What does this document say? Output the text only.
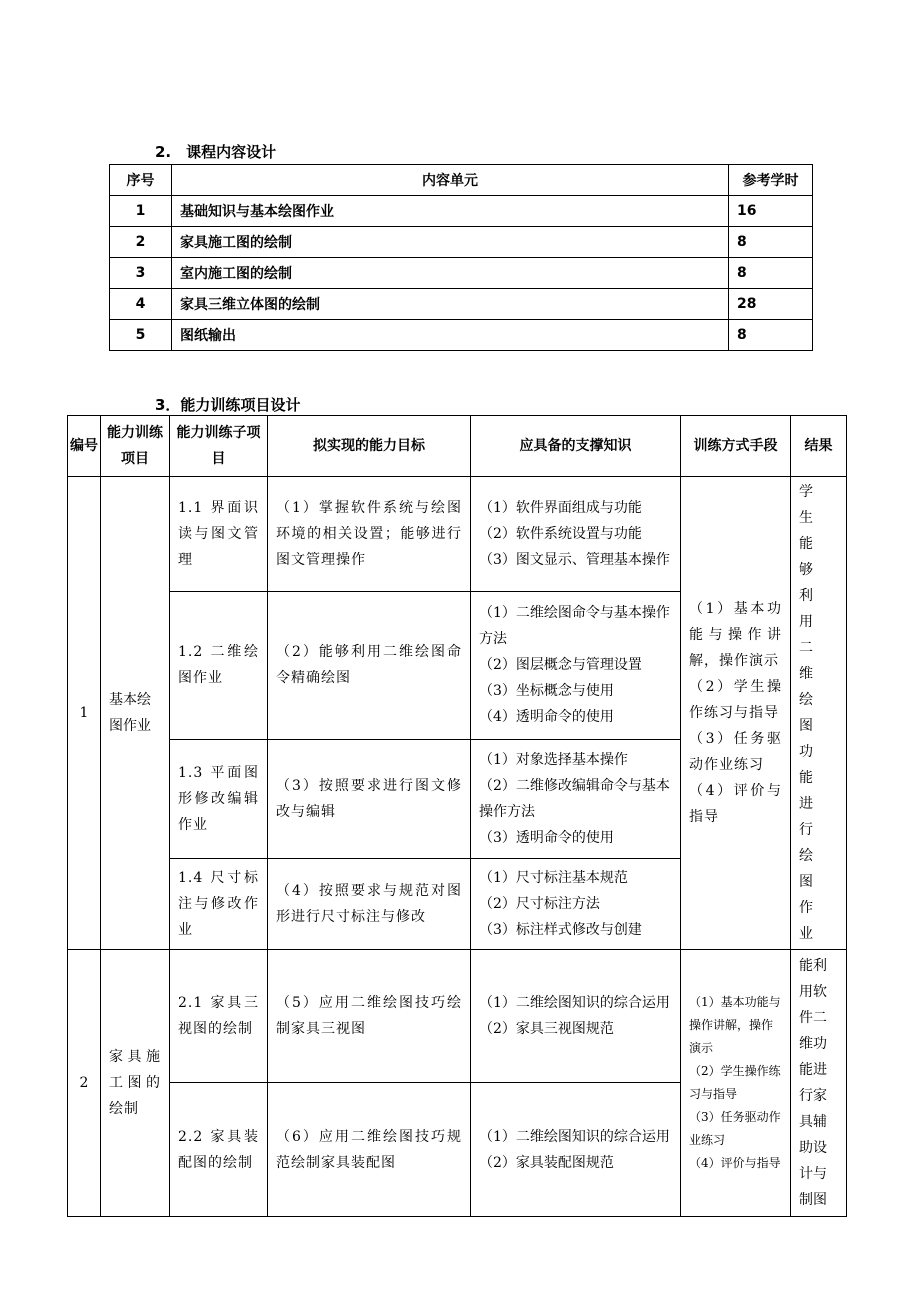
2.　课程内容设计
序号	内容单元	参考学时
1	基础知识与基本绘图作业	16
2	家具施工图的绘制	8
3	室内施工图的绘制	8
4	家具三维立体图的绘制	28
5	图纸输出	8
3．能力训练项目设计
编号	能力训练项目	能力训练子项目	拟实现的能力目标	应具备的支撑知识	训练方式手段	结果
1	基本绘图作业	1.1 界面识读与图文管理	（1）掌握软件系统与绘图环境的相关设置；能够进行图文管理操作	（1）软件界面组成与功能
（2）软件系统设置与功能
（3）图文显示、管理基本操作	（1）基本功能与操作讲解，操作演示
（2）学生操作练习与指导
（3）任务驱动作业练习
（4）评价与指导	学生能够利用二维绘图功能进行绘图作业
		1.2 二维绘图作业	（2）能够利用二维绘图命令精确绘图	（1）二维绘图命令与基本操作方法
（2）图层概念与管理设置
（3）坐标概念与使用
（4）透明命令的使用		

		1.3 平面图形修改编辑作业	（3）按照要求进行图文修改与编辑	（1）对象选择基本操作
（2）二维修改编辑命令与基本操作方法
（3）透明命令的使用		

		1.4 尺寸标注与修改作业	（4）按照要求与规范对图形进行尺寸标注与修改	（1）尺寸标注基本规范
（2）尺寸标注方法
（3）标注样式修改与创建		

2	家具施工图的绘制	2.1 家具三视图的绘制	（5）应用二维绘图技巧绘制家具三视图	（1）二维绘图知识的综合运用
（2）家具三视图规范	（1）基本功能与操作讲解，操作演示
（2）学生操作练习与指导
（3）任务驱动作业练习
（4）评价与指导	能利用软件二维功能进行家具辅助设计与制图
		2.2 家具装配图的绘制	（6）应用二维绘图技巧规范绘制家具装配图	（1）二维绘图知识的综合运用
（2）家具装配图规范		
